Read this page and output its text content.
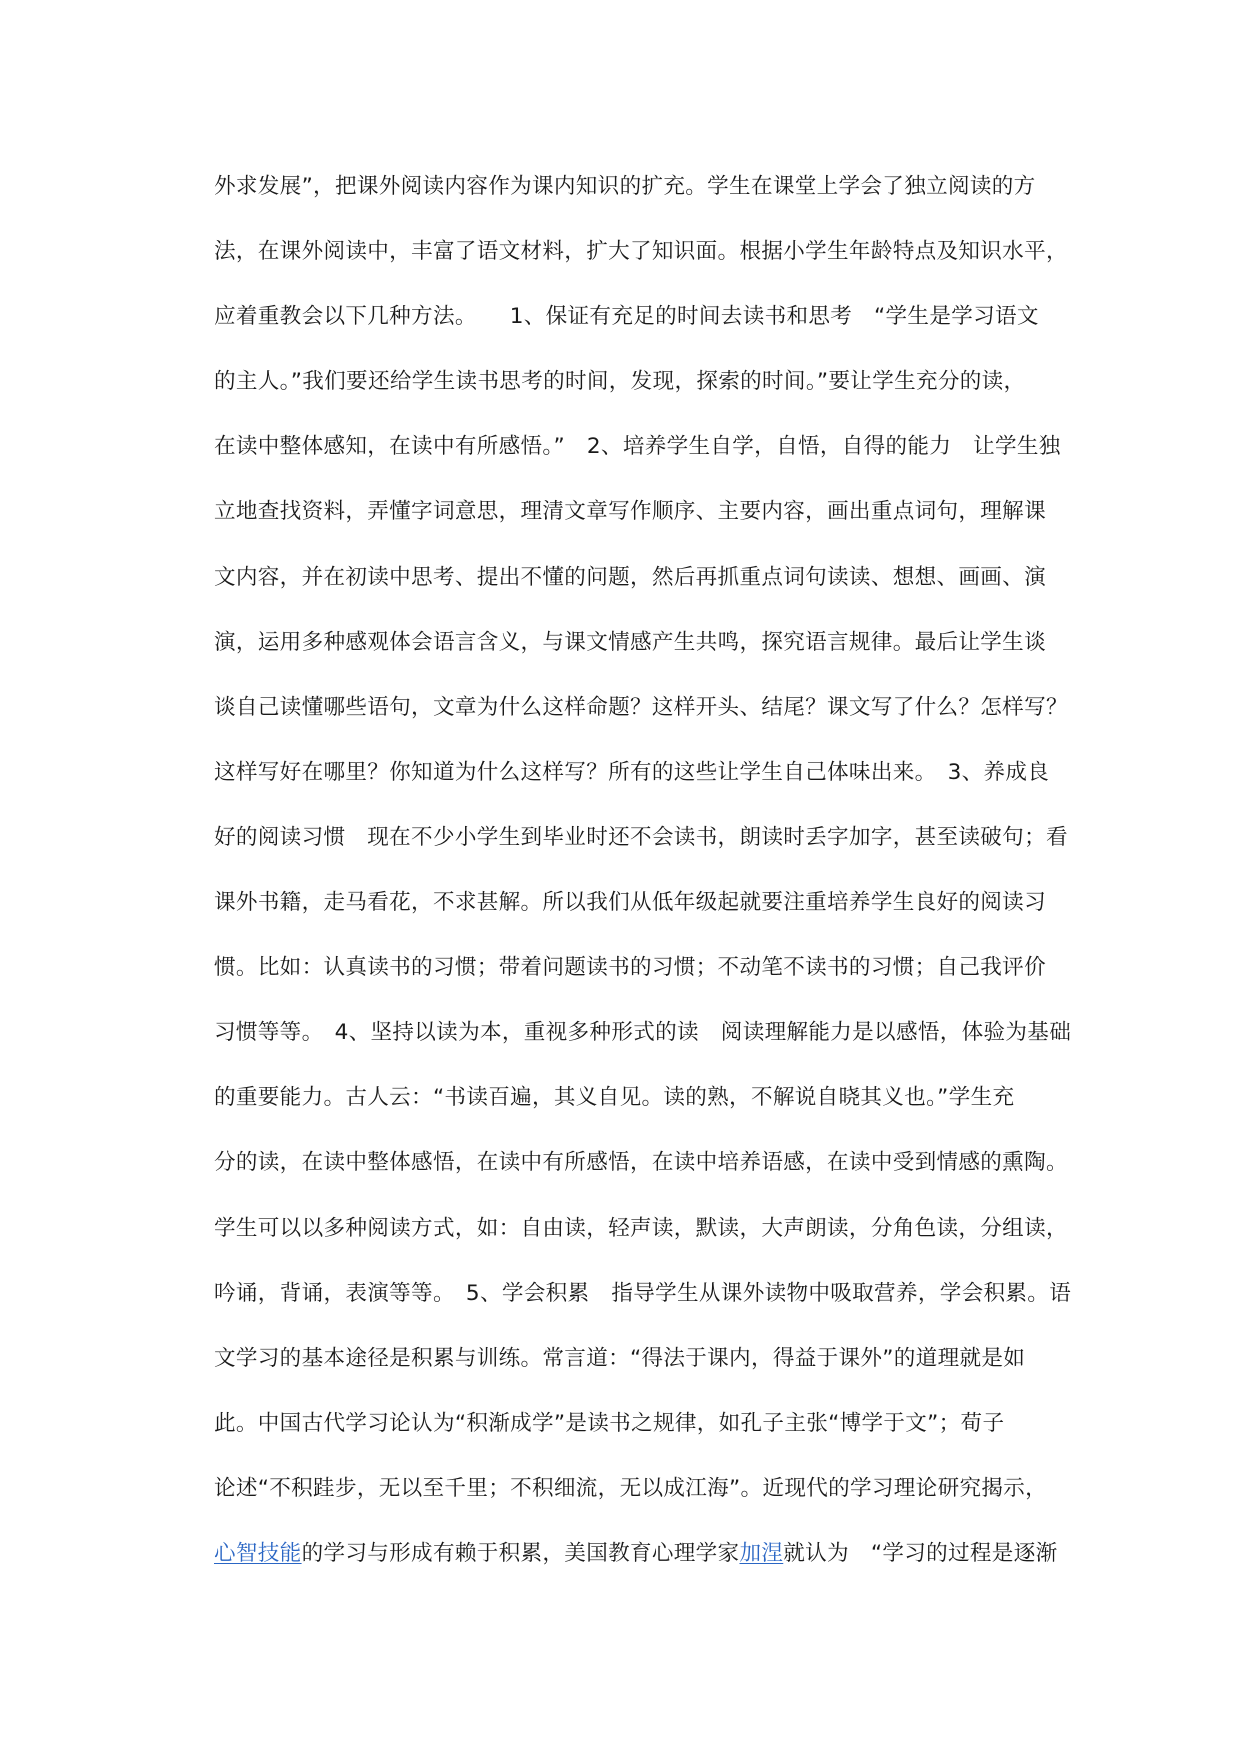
外求发展”，把课外阅读内容作为课内知识的扩充。学生在课堂上学会了独立阅读的方
法，在课外阅读中，丰富了语文材料，扩大了知识面。根据小学生年龄特点及知识水平，
应着重教会以下几种方法。　　1、保证有充足的时间去读书和思考　“学生是学习语文
的主人。”我们要还给学生读书思考的时间，发现，探索的时间。”要让学生充分的读，
在读中整体感知，在读中有所感悟。”　2、培养学生自学，自悟，自得的能力　让学生独
立地查找资料，弄懂字词意思，理清文章写作顺序、主要内容，画出重点词句，理解课
文内容，并在初读中思考、提出不懂的问题，然后再抓重点词句读读、想想、画画、演
演，运用多种感观体会语言含义，与课文情感产生共鸣，探究语言规律。最后让学生谈
谈自己读懂哪些语句，文章为什么这样命题？这样开头、结尾？课文写了什么？怎样写？
这样写好在哪里？你知道为什么这样写？所有的这些让学生自己体味出来。　3、养成良
好的阅读习惯　现在不少小学生到毕业时还不会读书，朗读时丢字加字，甚至读破句；看
课外书籍，走马看花，不求甚解。所以我们从低年级起就要注重培养学生良好的阅读习
惯。比如：认真读书的习惯；带着问题读书的习惯；不动笔不读书的习惯；自己我评价
习惯等等。　4、坚持以读为本，重视多种形式的读　阅读理解能力是以感悟，体验为基础
的重要能力。古人云：“书读百遍，其义自见。读的熟，不解说自晓其义也。”学生充
分的读，在读中整体感悟，在读中有所感悟，在读中培养语感，在读中受到情感的熏陶。
学生可以以多种阅读方式，如：自由读，轻声读，默读，大声朗读，分角色读，分组读，
吟诵，背诵，表演等等。　5、学会积累　指导学生从课外读物中吸取营养，学会积累。语
文学习的基本途径是积累与训练。常言道：“得法于课内，得益于课外”的道理就是如
此。中国古代学习论认为“积渐成学”是读书之规律，如孔子主张“博学于文”；荀子
论述“不积跬步，无以至千里；不积细流，无以成江海”。近现代的学习理论研究揭示，
心智技能的学习与形成有赖于积累，美国教育心理学家加涅就认为　“学习的过程是逐渐
